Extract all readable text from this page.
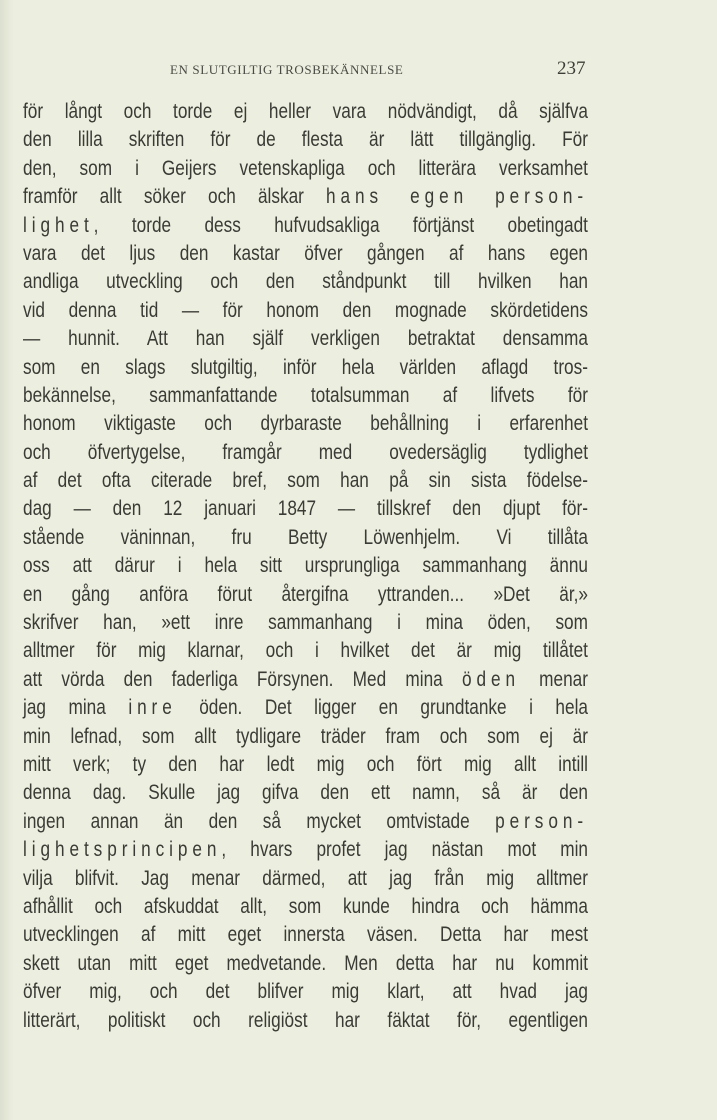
EN SLUTGILTIG TROSBEKÄNNELSE	237
för långt och torde ej heller vara nödvändigt, då själfva
den lilla skriften för de flesta är lätt tillgänglig. För
den, som i Geijers vetenskapliga och litterära verksamhet
framför allt söker och älskar hans egen person-
lighet, torde dess hufvudsakliga förtjänst obetingadt
vara det ljus den kastar öfver gången af hans egen
andliga utveckling och den ståndpunkt till hvilken han
vid denna tid — för honom den mognade skördetidens
— hunnit. Att han själf verkligen betraktat densamma
som en slags slutgiltig, inför hela världen aflagd tros-
bekännelse, sammanfattande totalsumman af lifvets för
honom viktigaste och dyrbaraste behållning i erfarenhet
och öfvertygelse, framgår med ovedersäglig tydlighet
af det ofta citerade bref, som han på sin sista födelse-
dag — den 12 januari 1847 — tillskref den djupt för-
stående väninnan, fru Betty Löwenhjelm. Vi tillåta
oss att därur i hela sitt ursprungliga sammanhang ännu
en gång anföra förut återgifna yttranden... »Det är,»
skrifver han, »ett inre sammanhang i mina öden, som
alltmer för mig klarnar, och i hvilket det är mig tillåtet
att vörda den faderliga Försynen. Med mina öden menar
jag mina inre öden. Det ligger en grundtanke i hela
min lefnad, som allt tydligare träder fram och som ej är
mitt verk; ty den har ledt mig och fört mig allt intill
denna dag. Skulle jag gifva den ett namn, så är den
ingen annan än den så mycket omtvistade person-
lighetsprincipen, hvars profet jag nästan mot min
vilja blifvit. Jag menar därmed, att jag från mig alltmer
afhållit och afskuddat allt, som kunde hindra och hämma
utvecklingen af mitt eget innersta väsen. Detta har mest
skett utan mitt eget medvetande. Men detta har nu kommit
öfver mig, och det blifver mig klart, att hvad jag
litterärt, politiskt och religiöst har fäktat för, egentligen
